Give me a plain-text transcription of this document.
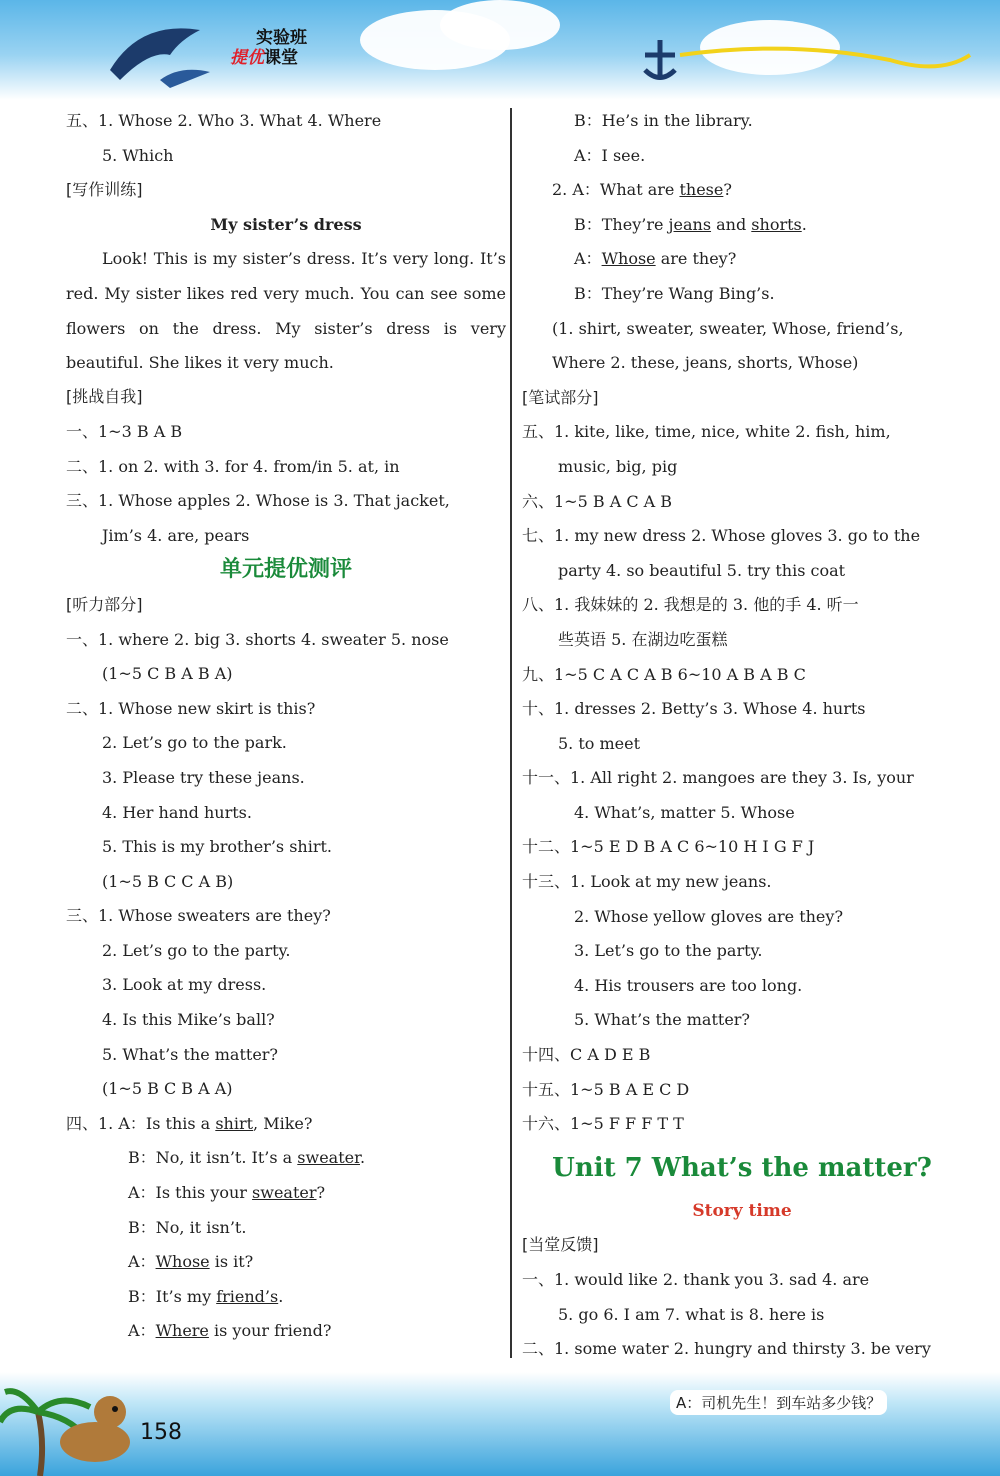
实验班
提优课堂
五、1. Whose 2. Who 3. What 4. Where
5. Which
[写作训练]
My sister’s dress
Look! This is my sister’s dress. It’s very long. It’s red. My sister likes red very much. You can see some flowers on the dress. My sister’s dress is very beautiful. She likes it very much.
[挑战自我]
一、1~3 B A B
二、1. on 2. with 3. for 4. from/in 5. at, in
三、1. Whose apples 2. Whose is 3. That jacket,
Jim’s 4. are, pears
单元提优测评
[听力部分]
一、1. where 2. big 3. shorts 4. sweater 5. nose
(1~5 C B A B A)
二、1. Whose new skirt is this?
2. Let’s go to the park.
3. Please try these jeans.
4. Her hand hurts.
5. This is my brother’s shirt.
(1~5 B C C A B)
三、1. Whose sweaters are they?
2. Let’s go to the party.
3. Look at my dress.
4. Is this Mike’s ball?
5. What’s the matter?
(1~5 B C B A A)
四、1. A：Is this a shirt, Mike?
B：No, it isn’t. It’s a sweater.
A：Is this your sweater?
B：No, it isn’t.
A：Whose is it?
B：It’s my friend’s.
A：Where is your friend?
B：He’s in the library.
A：I see.
2. A：What are these?
B：They’re jeans and shorts.
A：Whose are they?
B：They’re Wang Bing’s.
(1. shirt, sweater, sweater, Whose, friend’s,
Where 2. these, jeans, shorts, Whose)
[笔试部分]
五、1. kite, like, time, nice, white 2. fish, him,
music, big, pig
六、1~5 B A C A B
七、1. my new dress 2. Whose gloves 3. go to the
party 4. so beautiful 5. try this coat
八、1. 我妹妹的 2. 我想是的 3. 他的手 4. 听一
些英语 5. 在湖边吃蛋糕
九、1~5 C A C A B 6~10 A B A B C
十、1. dresses 2. Betty’s 3. Whose 4. hurts
5. to meet
十一、1. All right 2. mangoes are they 3. Is, your
4. What’s, matter 5. Whose
十二、1~5 E D B A C 6~10 H I G F J
十三、1. Look at my new jeans.
2. Whose yellow gloves are they?
3. Let’s go to the party.
4. His trousers are too long.
5. What’s the matter?
十四、C A D E B
十五、1~5 B A E C D
十六、1~5 F F F T T
Unit 7 What’s the matter?
Story time
[当堂反馈]
一、1. would like 2. thank you 3. sad 4. are
5. go 6. I am 7. what is 8. here is
二、1. some water 2. hungry and thirsty 3. be very
158
A：司机先生！到车站多少钱？
